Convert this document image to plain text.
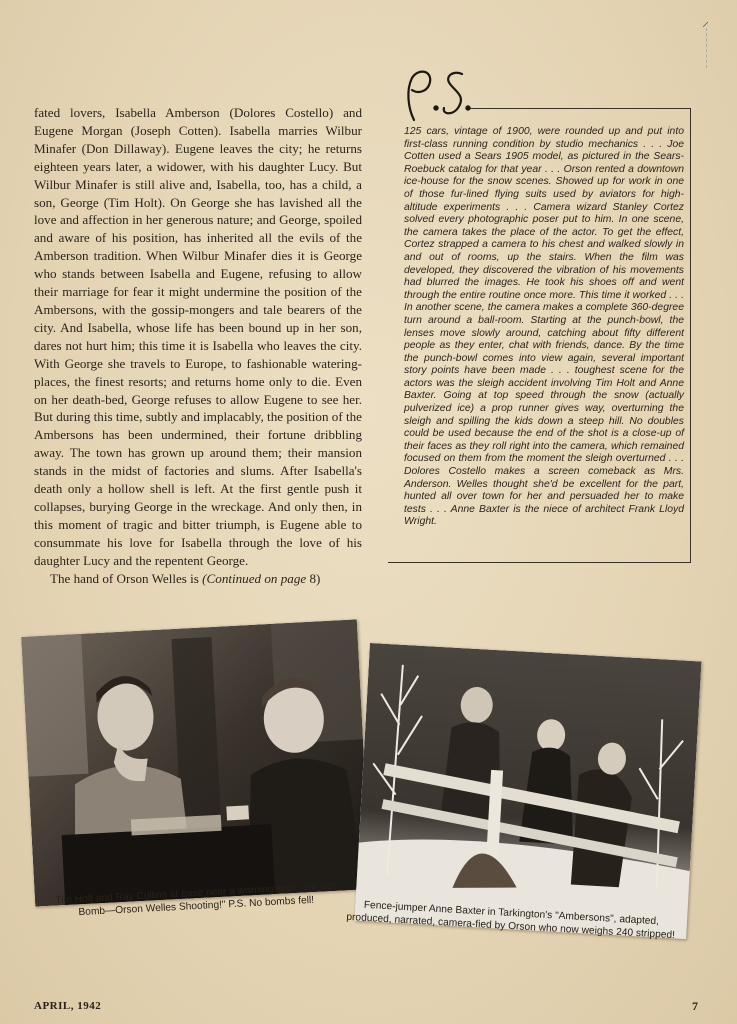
⸝

fated lovers, Isabella Amberson (Dolores Costello) and Eugene Morgan (Joseph Cotten). Isabella marries Wilbur Minafer (Don Dillaway). Eugene leaves the city; he returns eighteen years later, a widower, with his daughter Lucy. But Wilbur Minafer is still alive and, Isabella, too, has a child, a son, George (Tim Holt). On George she has lavished all the love and affection in her generous nature; and George, spoiled and aware of his position, has inherited all the evils of the Amberson tradition. When Wilbur Minafer dies it is George who stands between Isabella and Eugene, refusing to allow their marriage for fear it might undermine the position of the Ambersons, with the gossip-mongers and tale bearers of the city. And Isabella, whose life has been bound up in her son, dares not hurt him; this time it is Isabella who leaves the city. With George she travels to Europe, to fashionable watering-places, the finest resorts; and returns home only to die. Even on her death-bed, George refuses to allow Eugene to see her. But during this time, subtly and implacably, the position of the Ambersons has been undermined, their fortune dribbling away. The town has grown up around them; their mansion stands in the midst of factories and slums. After Isabella's death only a hollow shell is left. At the first gentle push it collapses, burying George in the wreckage. And only then, in this moment of tragic and bitter triumph, is Eugene able to consummate his love for Isabella through the love of his daughter Lucy and the repentent George.

The hand of Orson Welles is (Continued on page 8)

125 cars, vintage of 1900, were rounded up and put into first-class running condition by studio mechanics . . . Joe Cotten used a Sears 1905 model, as pictured in the Sears-Roebuck catalog for that year . . . Orson rented a downtown ice-house for the snow scenes. Showed up for work in one of those fur-lined flying suits used by aviators for high-altitude experiments . . . Camera wizard Stanley Cortez solved every photographic poser put to him. In one scene, the camera takes the place of the actor. To get the effect, Cortez strapped a camera to his chest and walked slowly in and out of rooms, up the stairs. When the film was developed, they discovered the vibration of his movements had blurred the images. He took his shoes off and went through the entire routine once more. This time it worked . . . In another scene, the camera makes a complete 360-degree turn around a ball-room. Starting at the punch-bowl, the lenses move slowly around, catching about fifty different people as they enter, chat with friends, dance. By the time the punch-bowl comes into view again, several important story points have been made . . . toughest scene for the actors was the sleigh accident involving Tim Holt and Anne Baxter. Going at top speed through the snow (actually pulverized ice) a prop runner gives way, overturning the sleigh and spilling the kids down a steep hill. No doubles could be used because the end of the shot is a close-up of their faces as they roll right into the camera, which remained focused on them from the moment the sleigh overturned . . . Dolores Costello makes a screen comeback as Mrs. Anderson. Welles thought she'd be excellent for the part, hunted all over town for her and persuaded her to make tests . . . Anne Baxter is the niece of architect Frank Lloyd Wright.

Tim Holt and Ray Collins at ease near a warning sign: "Do Not Bomb—Orson Welles Shooting!" P.S. No bombs fell!	Fence-jumper Anne Baxter in Tarkington's "Ambersons", adapted, produced, narrated, camera-fied by Orson who now weighs 240 stripped!
APRIL, 1942	7
